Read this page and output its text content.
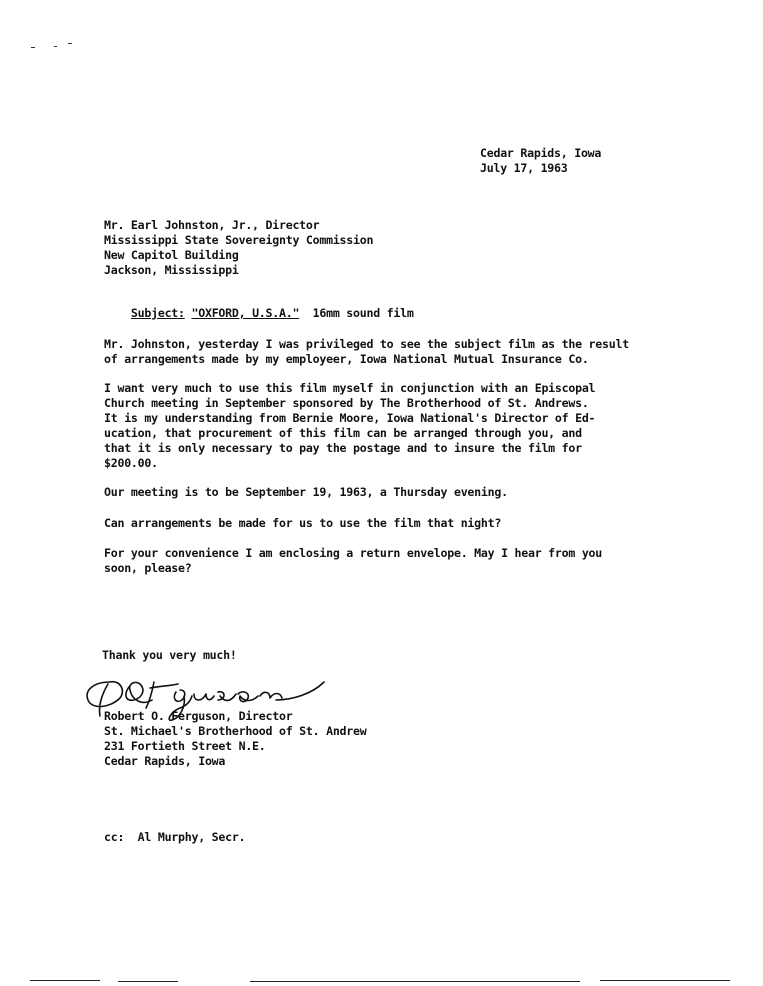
Cedar Rapids, Iowa
July 17, 1963
Mr. Earl Johnston, Jr., Director
Mississippi State Sovereignty Commission
New Capitol Building
Jackson, Mississippi

Subject: "OXFORD, U.S.A." 16mm sound film

Mr. Johnston, yesterday I was privileged to see the subject film as the result
of arrangements made by my employeer, Iowa National Mutual Insurance Co.
I want very much to use this film myself in conjunction with an Episcopal
Church meeting in September sponsored by The Brotherhood of St. Andrews.
It is my understanding from Bernie Moore, Iowa National's Director of Ed-
ucation, that procurement of this film can be arranged through you, and
that it is only necessary to pay the postage and to insure the film for
$200.00.
Our meeting is to be September 19, 1963, a Thursday evening.
Can arrangements be made for us to use the film that night?
For your convenience I am enclosing a return envelope. May I hear from you
soon, please?
Thank you very much!
Robert O. Ferguson, Director
St. Michael's Brotherhood of St. Andrew
231 Fortieth Street N.E.
Cedar Rapids, Iowa
cc:  Al Murphy, Secr.
